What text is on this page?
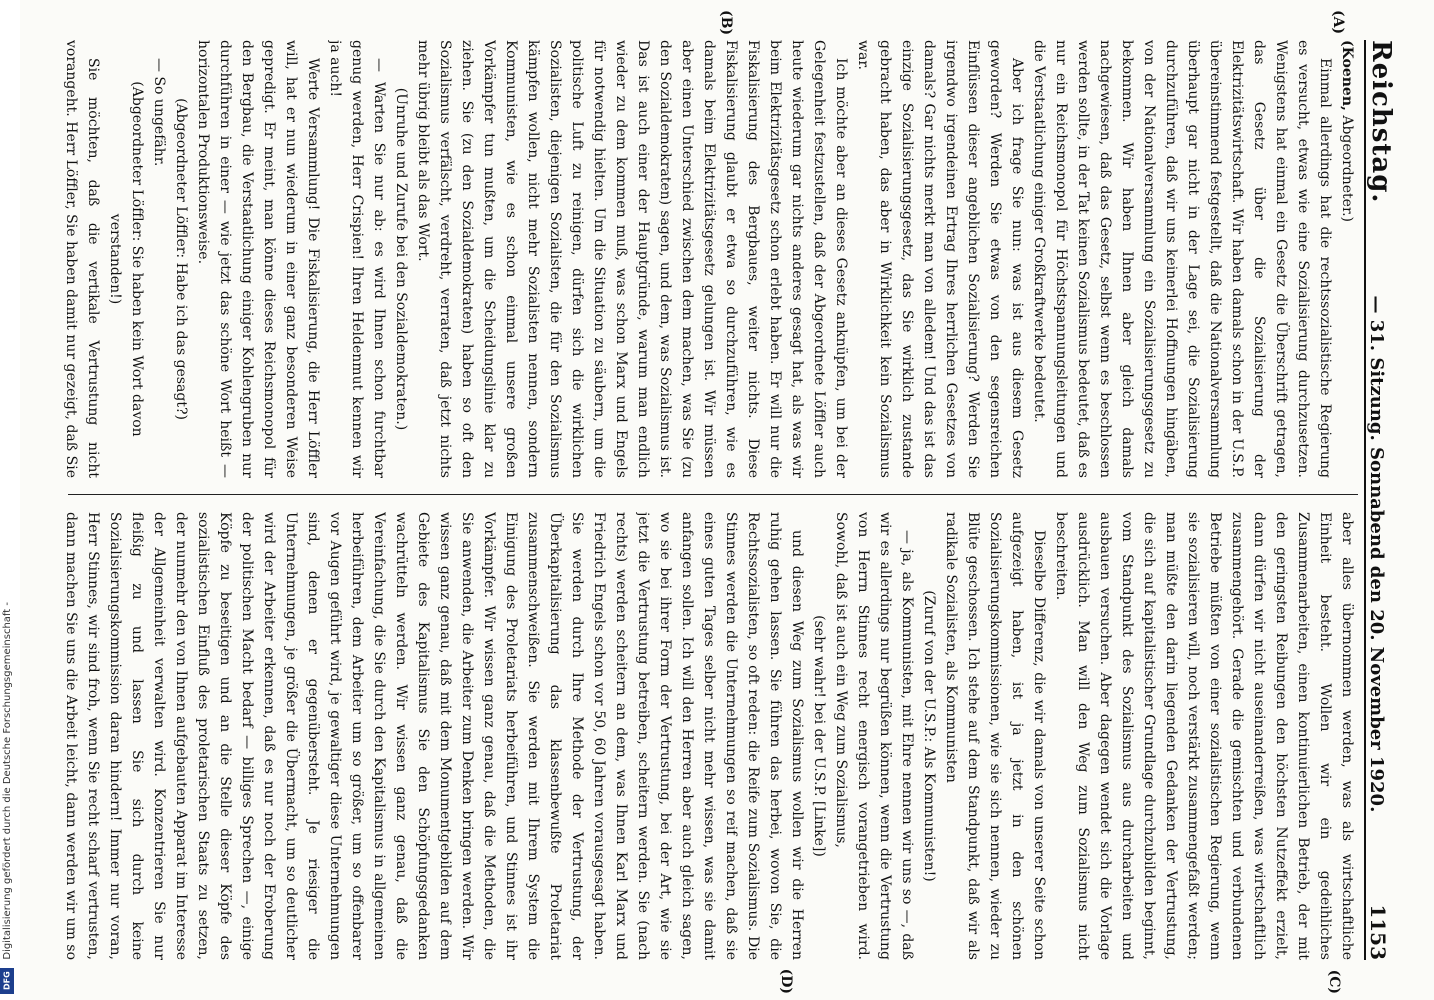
Reichstag.
— 31. Sitzung. Sonnabend den 20. November 1920.
1153
(A)
(B)
(C)
(D)

(Koenen, Abgeordneter.)

Einmal allerdings hat die rechtssozialistische Regierung es versucht, etwas wie eine Sozialisierung durchzusetzen. Wenigstens hat einmal ein Gesetz die Überschrift getragen, das Gesetz über die Sozialisierung der Elektrizitätswirtschaft. Wir haben damals schon in der U.S.P. übereinstimmend festgestellt, daß die Nationalversammlung überhaupt gar nicht in der Lage sei, die Sozialisierung durchzuführen, daß wir uns keinerlei Hoffnungen hingäben, von der Nationalversammlung ein Sozialisierungsgesetz zu bekommen. Wir haben Ihnen aber gleich damals nachgewiesen, daß das Gesetz, selbst wenn es beschlossen werden sollte, in der Tat keinen Sozialismus bedeutet, daß es nur ein Reichsmonopol für Höchstspannungsleitungen und die Verstaatlichung einiger Großkraftwerke bedeutet.

Aber ich frage Sie nun: was ist aus diesem Gesetz geworden? Werden Sie etwas von den segensreichen Einflüssen dieser angeblichen Sozialisierung? Werden Sie irgendwo irgendeinen Ertrag Ihres herrlichen Gesetzes von damals? Gar nichts merkt man von alledem! Und das ist das einzige Sozialisierungsgesetz, das Sie wirklich zustande gebracht haben, das aber in Wirklichkeit kein Sozialismus war.

Ich möchte aber an dieses Gesetz anknüpfen, um bei der Gelegenheit festzustellen, daß der Abgeordnete Löffler auch heute wiederum gar nichts anderes gesagt hat, als was wir beim Elektrizitätsgesetz schon erlebt haben. Er will nur die Fiskalisierung des Bergbaues, weiter nichts. Diese Fiskalisierung glaubt er etwa so durchzuführen, wie es damals beim Elektrizitätsgesetz gelungen ist. Wir müssen aber einen Unterschied zwischen dem machen, was Sie (zu den Sozialdemokraten) sagen, und dem, was Sozialismus ist. Das ist auch einer der Hauptgründe, warum man endlich wieder zu dem kommen muß, was schon Marx und Engels für notwendig hielten. Um die Situation zu säubern, um die politische Luft zu reinigen, dürfen sich die wirklichen Sozialisten, diejenigen Sozialisten, die für den Sozialismus kämpfen wollen, nicht mehr Sozialisten nennen, sondern Kommunisten, wie es schon einmal unsere großen Vorkämpfer tun mußten, um die Scheidungslinie klar zu ziehen. Sie (zu den Sozialdemokraten) haben so oft den Sozialismus verfälscht, verdreht, verraten, daß jetzt nichts mehr übrig bleibt als das Wort.

(Unruhe und Zurufe bei den Sozialdemokraten.)

— Warten Sie nur ab: es wird Ihnen schon furchtbar genug werden, Herr Crispien! Ihren Heldenmut kennen wir ja auch!

Werte Versammlung! Die Fiskalisierung, die Herr Löffler will, hat er nun wiederum in einer ganz besonderen Weise gepredigt. Er meint, man könne dieses Reichsmonopol für den Bergbau, die Verstaatlichung einiger Kohlengruben nur durchführen in einer — wie jetzt das schöne Wort heißt — horizontalen Produktionsweise.

(Abgeordneter Löffler: Habe ich das gesagt?)

— So ungefähr.

(Abgeordneter Löffler: Sie haben kein Wort davon verstanden!)

Sie möchten, daß die vertikale Vertrustung nicht vorangeht. Herr Löffler, Sie haben damit nur gezeigt, daß Sie

aber alles übernommen werden, was als wirtschaftliche Einheit besteht. Wollen wir ein gedeihliches Zusammenarbeiten, einen kontinuierlichen Betrieb, der mit den geringsten Reibungen den höchsten Nutzeffekt erzielt, dann dürfen wir nicht auseinanderreißen, was wirtschaftlich zusammengehört. Gerade die gemischten und verbundenen Betriebe müßten von einer sozialistischen Regierung, wenn sie sozialisieren will, noch verstärkt zusammengefaßt werden; man müßte den darin liegenden Gedanken der Vertrustung, die sich auf kapitalistischer Grundlage durchzubilden beginnt, vom Standpunkt des Sozialismus aus durcharbeiten und ausbauen versuchen. Aber dagegen wendet sich die Vorlage ausdrücklich. Man will den Weg zum Sozialismus nicht beschreiten.

Dieselbe Differenz, die wir damals von unserer Seite schon aufgezeigt haben, ist ja jetzt in den schönen Sozialisierungskommissionen, wie sie sich nennen, wieder zu Blüte geschossen. Ich stehe auf dem Standpunkt, daß wir als radikale Sozialisten, als Kommunisten

(Zuruf von der U.S.P.: Als Kommunisten!)

— ja, als Kommunisten, mit Ehre nennen wir uns so —, daß wir es allerdings nur begrüßen können, wenn die Vertrustung von Herrn Stinnes recht energisch vorangetrieben wird. Sowohl, daß ist auch ein Weg zum Sozialismus,

(sehr wahr! bei der U.S.P. [Linke])

und diesen Weg zum Sozialismus wollen wir die Herren ruhig gehen lassen. Sie führen das herbei, wovon Sie, die Rechtssozialisten, so oft reden: die Reife zum Sozialismus. Die Stinnes werden die Unternehmungen so reif machen, daß sie eines guten Tages selber nicht mehr wissen, was sie damit anfangen sollen. Ich will den Herren aber auch gleich sagen, wo sie bei ihrer Form der Vertrustung, bei der Art, wie sie jetzt die Vertrustung betreiben, scheitern werden. Sie (nach rechts) werden scheitern an dem, was Ihnen Karl Marx und Friedrich Engels schon vor 50, 60 Jahren vorausgesagt haben. Sie werden durch Ihre Methode der Vertrustung, der Überkapitalisierung das klassenbewußte Proletariat zusammenschweißen. Sie werden mit Ihrem System die Einigung des Proletariats herbeiführen, und Stinnes ist ihr Vorkämpfer. Wir wissen ganz genau, daß die Methoden, die Sie anwenden, die Arbeiter zum Denken bringen werden. Wir wissen ganz genau, daß mit dem Monumentgebilden auf dem Gebiete des Kapitalismus Sie den Schöpfungsgedanken wachrütteln werden. Wir wissen ganz genau, daß die Vereinfachung, die Sie durch den Kapitalismus in allgemeinen herbeiführen, dem Arbeiter um so größer, um so offenbarer vor Augen geführt wird, je gewaltiger diese Unternehmungen sind, denen er gegenübersteht. Je riesiger die Unternehmungen, je größer die Übermacht, um so deutlicher wird der Arbeiter erkennen, daß es nur noch der Eroberung der politischen Macht bedarf — billiges Sprechen —, einige Köpfe zu beseitigen und an die Stelle dieser Köpfe des sozialistischen Einfluß des proletarischen Staats zu setzen, der nunmehr den von Ihnen aufgebauten Apparat im Interesse der Allgemeinheit verwalten wird. Konzentrieren Sie nur fleißig zu und lassen Sie sich durch keine Sozialisierungskommission daran hindern! Immer nur voran, Herr Stinnes, wir sind froh, wenn Sie recht scharf vertrusten, dann machen Sie uns die Arbeit leicht, dann werden wir um so

Digitalisierung gefördert durch die Deutsche Forschungsgemeinschaft -
DFG
